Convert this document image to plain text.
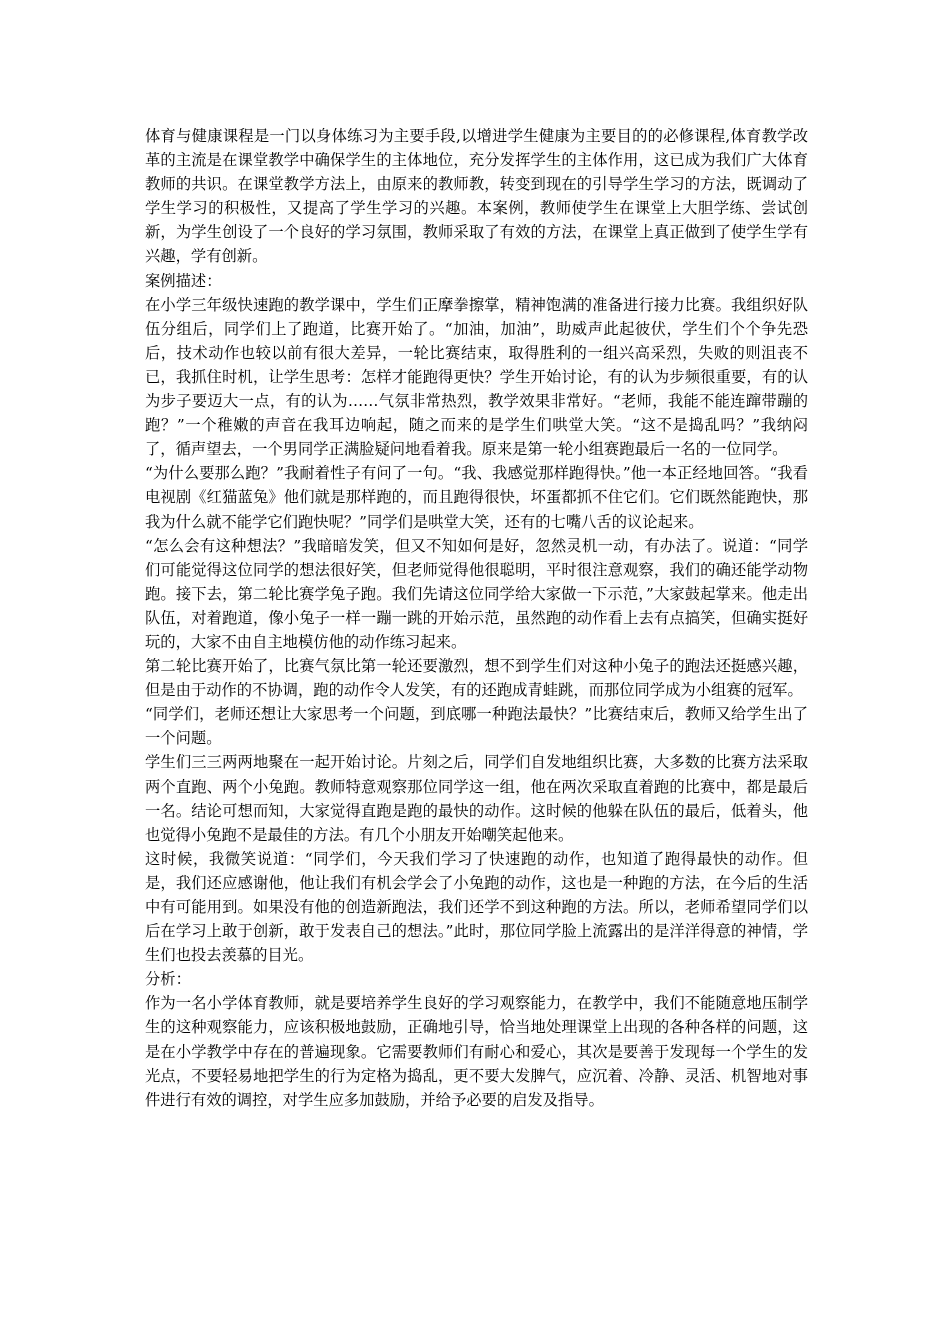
体育与健康课程是一门以身体练习为主要手段,以增进学生健康为主要目的的必修课程,体育教学改革的主流是在课堂教学中确保学生的主体地位，充分发挥学生的主体作用，这已成为我们广大体育教师的共识。在课堂教学方法上，由原来的教师教，转变到现在的引导学生学习的方法，既调动了学生学习的积极性，又提高了学生学习的兴趣。本案例，教师使学生在课堂上大胆学练、尝试创新，为学生创设了一个良好的学习氛围，教师采取了有效的方法，在课堂上真正做到了使学生学有兴趣，学有创新。

案例描述：

在小学三年级快速跑的教学课中，学生们正摩拳擦掌，精神饱满的准备进行接力比赛。我组织好队伍分组后，同学们上了跑道，比赛开始了。“加油，加油”，助威声此起彼伏，学生们个个争先恐后，技术动作也较以前有很大差异，一轮比赛结束，取得胜利的一组兴高采烈，失败的则沮丧不已，我抓住时机，让学生思考：怎样才能跑得更快？学生开始讨论，有的认为步频很重要，有的认为步子要迈大一点，有的认为……气氛非常热烈，教学效果非常好。“老师，我能不能连蹿带蹦的跑？”一个稚嫩的声音在我耳边响起，随之而来的是学生们哄堂大笑。“这不是捣乱吗？”我纳闷了，循声望去，一个男同学正满脸疑问地看着我。原来是第一轮小组赛跑最后一名的一位同学。

“为什么要那么跑？”我耐着性子有问了一句。“我、我感觉那样跑得快。”他一本正经地回答。“我看电视剧《红猫蓝兔》他们就是那样跑的，而且跑得很快，坏蛋都抓不住它们。它们既然能跑快，那我为什么就不能学它们跑快呢？”同学们是哄堂大笑，还有的七嘴八舌的议论起来。

“怎么会有这种想法？”我暗暗发笑，但又不知如何是好，忽然灵机一动，有办法了。说道：“同学们可能觉得这位同学的想法很好笑，但老师觉得他很聪明，平时很注意观察，我们的确还能学动物跑。接下去，第二轮比赛学兔子跑。我们先请这位同学给大家做一下示范，”大家鼓起掌来。他走出队伍，对着跑道，像小兔子一样一蹦一跳的开始示范，虽然跑的动作看上去有点搞笑，但确实挺好玩的，大家不由自主地模仿他的动作练习起来。

第二轮比赛开始了，比赛气氛比第一轮还要激烈，想不到学生们对这种小兔子的跑法还挺感兴趣，但是由于动作的不协调，跑的动作令人发笑，有的还跑成青蛙跳，而那位同学成为小组赛的冠军。

“同学们，老师还想让大家思考一个问题，到底哪一种跑法最快？”比赛结束后，教师又给学生出了一个问题。

学生们三三两两地聚在一起开始讨论。片刻之后，同学们自发地组织比赛，大多数的比赛方法采取两个直跑、两个小兔跑。教师特意观察那位同学这一组，他在两次采取直着跑的比赛中，都是最后一名。结论可想而知，大家觉得直跑是跑的最快的动作。这时候的他躲在队伍的最后，低着头，他也觉得小兔跑不是最佳的方法。有几个小朋友开始嘲笑起他来。

这时候，我微笑说道：“同学们，今天我们学习了快速跑的动作，也知道了跑得最快的动作。但是，我们还应感谢他，他让我们有机会学会了小兔跑的动作，这也是一种跑的方法，在今后的生活中有可能用到。如果没有他的创造新跑法，我们还学不到这种跑的方法。所以，老师希望同学们以后在学习上敢于创新，敢于发表自己的想法。”此时，那位同学脸上流露出的是洋洋得意的神情，学生们也投去羡慕的目光。

分析：

作为一名小学体育教师，就是要培养学生良好的学习观察能力，在教学中，我们不能随意地压制学生的这种观察能力，应该积极地鼓励，正确地引导，恰当地处理课堂上出现的各种各样的问题，这是在小学教学中存在的普遍现象。它需要教师们有耐心和爱心，其次是要善于发现每一个学生的发光点，不要轻易地把学生的行为定格为捣乱，更不要大发脾气，应沉着、冷静、灵活、机智地对事件进行有效的调控，对学生应多加鼓励，并给予必要的启发及指导。
